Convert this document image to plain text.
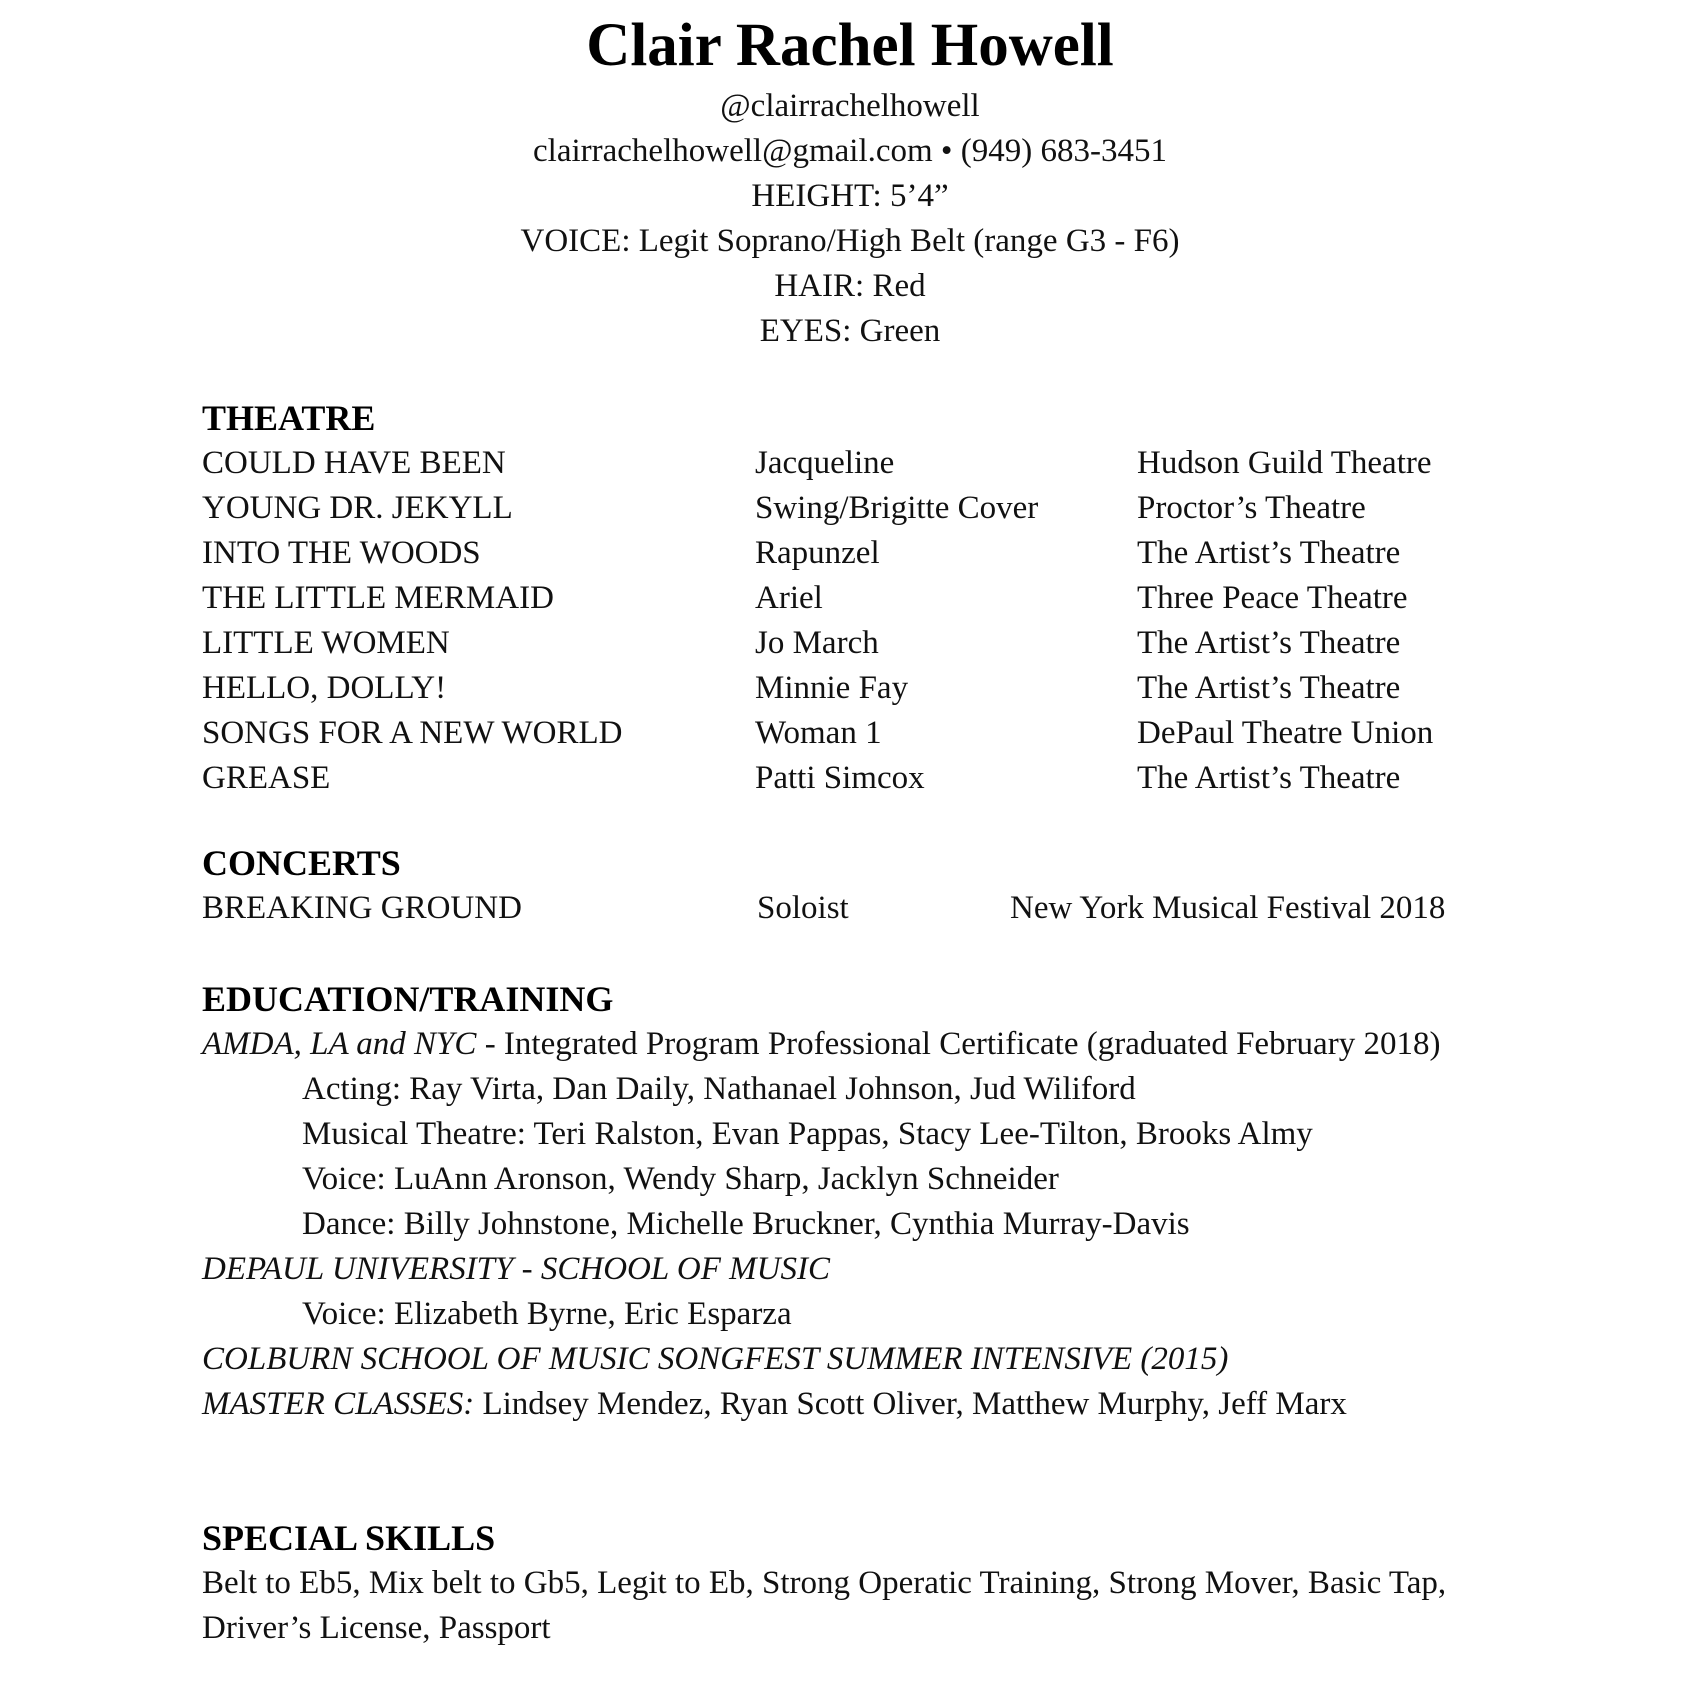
Clair Rachel Howell

@clairrachelhowell

clairrachelhowell@gmail.com • (949) 683-3451

HEIGHT: 5’4”

VOICE: Legit Soprano/High Belt (range G3 - F6)

HAIR: Red

EYES: Green

THEATRE
COULD HAVE BEEN	Jacqueline	Hudson Guild Theatre
YOUNG DR. JEKYLL	Swing/Brigitte Cover	Proctor’s Theatre
INTO THE WOODS	Rapunzel	The Artist’s Theatre
THE LITTLE MERMAID	Ariel	Three Peace Theatre
LITTLE WOMEN	Jo March	The Artist’s Theatre
HELLO, DOLLY!	Minnie Fay	The Artist’s Theatre
SONGS FOR A NEW WORLD	Woman 1	DePaul Theatre Union
GREASE	Patti Simcox	The Artist’s Theatre
CONCERTS
BREAKING GROUND	Soloist	New York Musical Festival 2018
EDUCATION/TRAINING

AMDA, LA and NYC - Integrated Program Professional Certificate (graduated February 2018)

Acting: Ray Virta, Dan Daily, Nathanael Johnson, Jud Wiliford

Musical Theatre: Teri Ralston, Evan Pappas, Stacy Lee-Tilton, Brooks Almy

Voice: LuAnn Aronson, Wendy Sharp, Jacklyn Schneider

Dance: Billy Johnstone, Michelle Bruckner, Cynthia Murray-Davis

DEPAUL UNIVERSITY - SCHOOL OF MUSIC

Voice: Elizabeth Byrne, Eric Esparza

COLBURN SCHOOL OF MUSIC SONGFEST SUMMER INTENSIVE (2015)

MASTER CLASSES: Lindsey Mendez, Ryan Scott Oliver, Matthew Murphy, Jeff Marx

SPECIAL SKILLS

Belt to Eb5, Mix belt to Gb5, Legit to Eb, Strong Operatic Training, Strong Mover, Basic Tap, Driver’s License, Passport
